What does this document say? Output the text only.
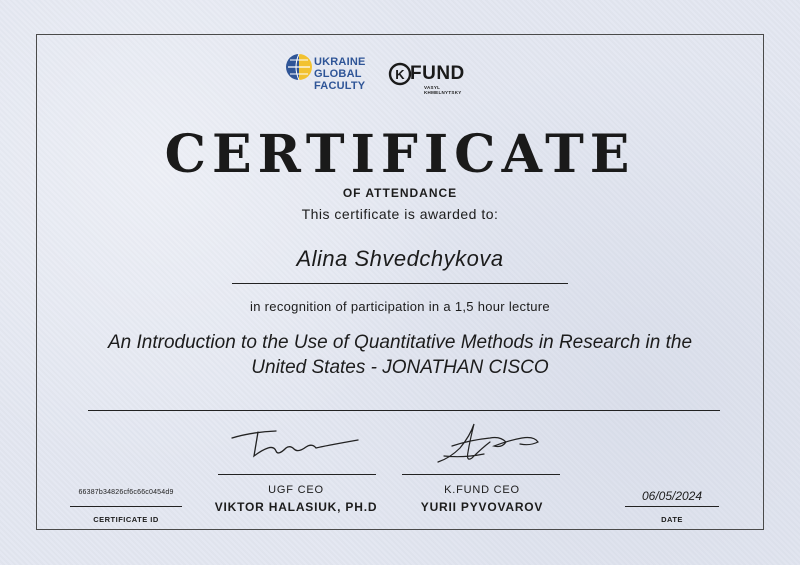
UKRAINE
GLOBAL
FACULTY
K FUND
VASYL
KHMELNYTSKY
CERTIFICATE
OF ATTENDANCE
This certificate is awarded to:
Alina Shvedchykova
in recognition of participation in a 1,5 hour lecture
An Introduction to the Use of Quantitative Methods in Research in the
United States - JONATHAN CISCO
UGF CEO
VIKTOR HALASIUK, PH.D
K.FUND CEO
YURII PYVOVAROV
66387b34826cf6c66c0454d9
CERTIFICATE ID
06/05/2024
DATE
